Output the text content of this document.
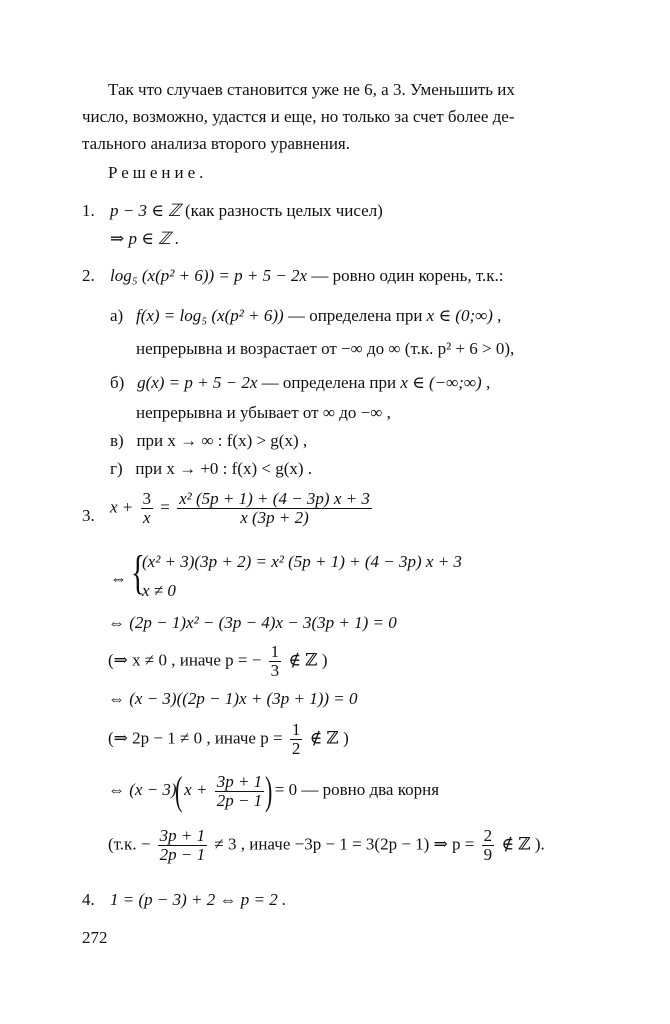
Так что случаев становится уже не 6, а 3. Уменьшить их
число, возможно, удастся и еще, но только за счет более де-
тального анализа второго уравнения.
Решение.
1. p − 3 ∈ ℤ (как разность целых чисел)
⇒ p ∈ ℤ .
2. log₅ (x(p² + 6)) = p + 5 − 2x — ровно один корень, т.к.:
а) f(x) = log₅ (x(p² + 6)) — определена при x ∈ (0;∞) ,
непрерывна и возрастает от −∞ до ∞ (т.к. p² + 6 > 0),
б) g(x) = p + 5 − 2x — определена при x ∈ (−∞;∞) ,
непрерывна и убывает от ∞ до −∞ ,
в) при x → ∞ : f(x) > g(x) ,
г) при x → +0 : f(x) < g(x) .
3. $x + \frac{3}{x} = \frac{\text{x² (5p + 1) + (4 − 3p) x + 3}}{x (3p + 2)}$
⇔ {
(x² + 3)(3p + 2) = x² (5p + 1) + (4 − 3p) x + 3
x ≠ 0
⇔ (2p − 1)x² − (3p − 4)x − 3(3p + 1) = 0
(⇒ x ≠ 0 , иначе p = − $\frac{1}{3}$ ∉ ℤ )
⇔ (x − 3)((2p − 1)x + (3p + 1)) = 0
(⇒ 2p − 1 ≠ 0 , иначе $p = \frac{1}{2}$ ∉ ℤ )
⇔ (x − 3)( $x + \frac{3p + 1}{2p - 1}$ ) = 0 — ровно два корня
(т.к. − $\frac{3p + 1}{2p - 1} \ne 3$ , иначе −3p − 1 = 3(2p − 1) ⇒ $p = \frac{2}{9}$ ∉ ℤ ).
4. 1 = (p − 3) + 2 ⇔ p = 2 .
272
